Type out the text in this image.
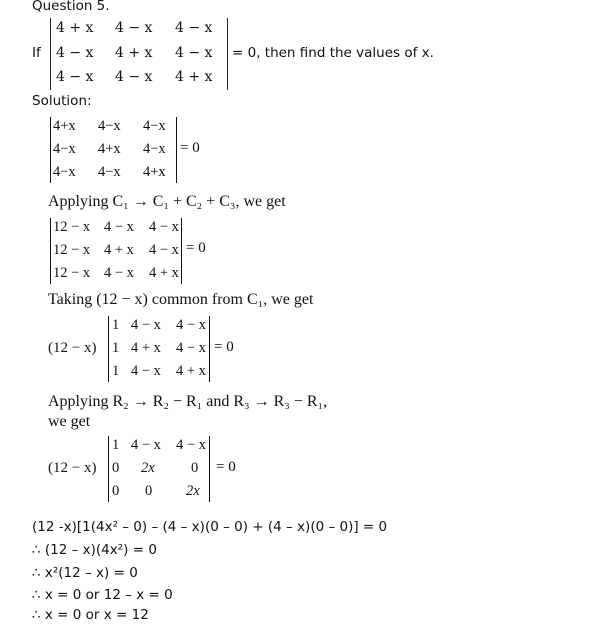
Question 5.
If
4 + x 4 − x 4 − x
4 − x 4 + x 4 − x
4 − x 4 − x 4 + x
= 0, then find the values of x.
Solution:
4+x 4−x 4−x
4−x 4+x 4−x
4−x 4−x 4+x
= 0
Applying C₁ → C₁ + C₂ + C₃, we get
12 − x 4 − x 4 − x
12 − x 4 + x 4 − x
12 − x 4 − x 4 + x
= 0
Taking (12 − x) common from C₁, we get
(12 − x)
1 4 − x 4 − x
1 4 + x 4 − x
1 4 − x 4 + x
= 0
Applying R₂ → R₂ − R₁ and R₃ → R₃ − R₁,
we get
(12 − x)
1 4 − x 4 − x
0 2x	0
0 0 2x
= 0
(12 -x)[1(4x² – 0) – (4 – x)(0 – 0) + (4 – x)(0 – 0)] = 0
∴ (12 – x)(4x²) = 0
∴ x²(12 – x) = 0
∴ x = 0 or 12 – x = 0
∴ x = 0 or x = 12
